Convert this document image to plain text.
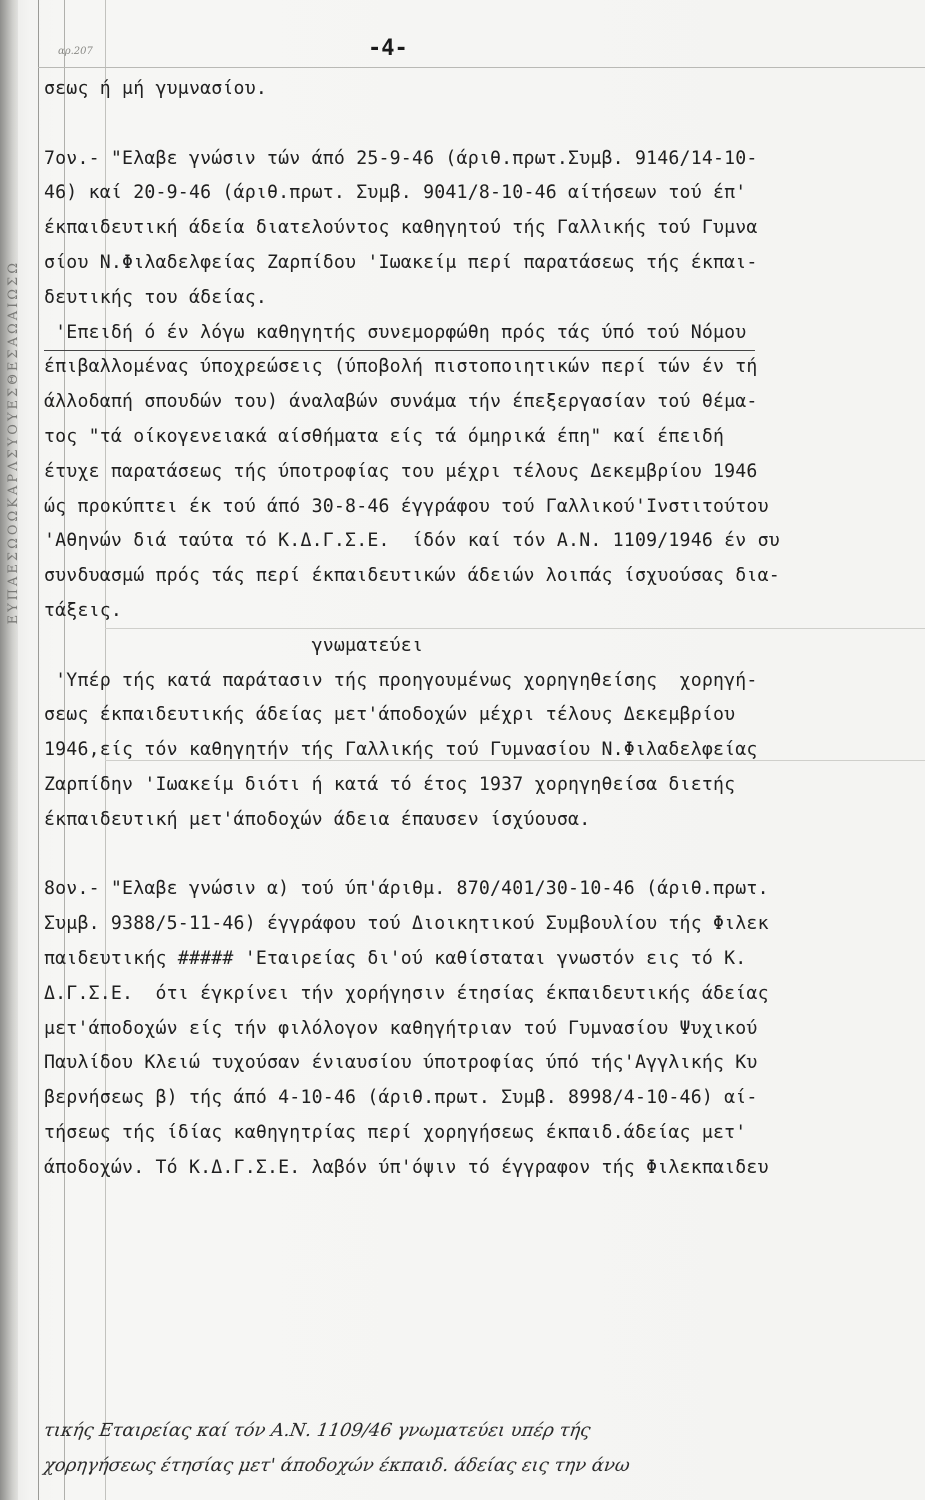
ΕΥΠΑΕΣΩΟΩΚΑΡΛΣΥΟΥΕΣΘΕΣΑΩΑΙΩΣΩ
αρ.207	-4-
σεως ή μή γυμνασίου.
7ον.- "Ελαβε γνώσιν τών άπό 25-9-46 (άριθ.πρωτ.Συμβ. 9146/14-10-
46) καί 20-9-46 (άριθ.πρωτ. Συμβ. 9041/8-10-46 αίτήσεων τού έπ'
έκπαιδευτική άδεία διατελούντος καθηγητού τής Γαλλικής τού Γυμνα
σίου Ν.Φιλαδελφείας Ζαρπίδου 'Ιωακείμ περί παρατάσεως τής έκπαι-
δευτικής του άδείας.
'Επειδή ό έν λόγω καθηγητής συνεμορφώθη πρός τάς ύπό τού Νόμου
έπιβαλλομένας ύποχρεώσεις (ύποβολή πιστοποιητικών περί τών έν τή
άλλοδαπή σπουδών του) άναλαβών συνάμα τήν έπεξεργασίαν τού θέμα-
τος "τά οίκογενειακά αίσθήματα είς τά όμηρικά έπη" καί έπειδή
έτυχε παρατάσεως τής ύποτροφίας του μέχρι τέλους Δεκεμβρίου 1946
ώς προκύπτει έκ τού άπό 30-8-46 έγγράφου τού Γαλλικού'Ινστιτούτου
'Αθηνών διά ταύτα τό Κ.Δ.Γ.Σ.Ε.  ίδόν καί τόν Α.Ν. 1109/1946 έν συ
συνδυασμώ πρός τάς περί έκπαιδευτικών άδειών λοιπάς ίσχυούσας δια-
τάξεις.
γνωματεύει
'Υπέρ τής κατά παράτασιν τής προηγουμένως χορηγηθείσης  χορηγή-
σεως έκπαιδευτικής άδείας μετ'άποδοχών μέχρι τέλους Δεκεμβρίου
1946,είς τόν καθηγητήν τής Γαλλικής τού Γυμνασίου Ν.Φιλαδελφείας
Ζαρπίδην 'Ιωακείμ διότι ή κατά τό έτος 1937 χορηγηθείσα διετής
έκπαιδευτική μετ'άποδοχών άδεια έπαυσεν ίσχύουσα.
8ον.- "Ελαβε γνώσιν α) τού ύπ'άριθμ. 870/401/30-10-46 (άριθ.πρωτ.
Συμβ. 9388/5-11-46) έγγράφου τού Διοικητικού Συμβουλίου τής Φιλεκ
παιδευτικής ##### 'Εταιρείας δι'ού καθίσταται γνωστόν εις τό Κ.
Δ.Γ.Σ.Ε.  ότι έγκρίνει τήν χορήγησιν έτησίας έκπαιδευτικής άδείας
μετ'άποδοχών είς τήν φιλόλογον καθηγήτριαν τού Γυμνασίου Ψυχικού
Παυλίδου Κλειώ τυχούσαν ένιαυσίου ύποτροφίας ύπό τής'Αγγλικής Κυ
βερνήσεως β) τής άπό 4-10-46 (άριθ.πρωτ. Συμβ. 8998/4-10-46) αί-
τήσεως τής ίδίας καθηγητρίας περί χορηγήσεως έκπαιδ.άδείας μετ'
άποδοχών. Τό Κ.Δ.Γ.Σ.Ε. λαβόν ύπ'όψιν τό έγγραφον τής Φιλεκπαιδευ
τικής Εταιρείας καί τόν Α.Ν. 1109/46 γνωματεύει υπέρ τής
χορηγήσεως έτησίας μετ' άποδοχών έκπαιδ. άδείας εις την άνω
